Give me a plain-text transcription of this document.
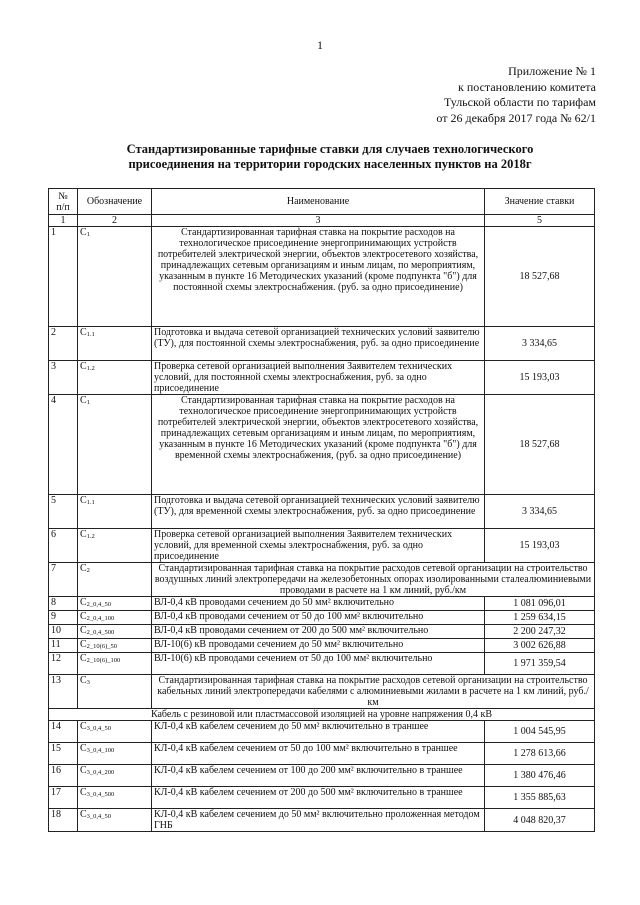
1
Приложение № 1
к постановлению комитета
Тульской области по тарифам
от 26 декабря 2017 года № 62/1
Стандартизированные тарифные ставки для случаев технологического
присоединения на территории городских населенных пунктов на 2018г
№
п/п	Обозначение	Наименование	Значение ставки
1	2	3	5
1	C1	Стандартизированная тарифная ставка на покрытие расходов на технологическое присоединение энергопринимающих устройств потребителей электрической энергии, объектов электросетевого хозяйства, принадлежащих сетевым организациям и иным лицам, по мероприятиям, указанным в пункте 16 Методических указаний (кроме подпункта "б") для постоянной схемы электроснабжения. (руб. за одно присоединение)	18 527,68
2	C1.1	Подготовка и выдача сетевой организацией технических условий заявителю (ТУ), для постоянной схемы электроснабжения, руб. за одно присоединение	3 334,65
3	C1.2	Проверка сетевой организацией выполнения Заявителем технических условий, для постоянной схемы электроснабжения, руб. за одно присоединение	15 193,03
4	C1	Стандартизированная тарифная ставка на покрытие расходов на технологическое присоединение энергопринимающих устройств потребителей электрической энергии, объектов электросетевого хозяйства, принадлежащих сетевым организациям и иным лицам, по мероприятиям, указанным в пункте 16 Методических указаний (кроме подпункта "б") для временной схемы электроснабжения, (руб. за одно присоединение)	18 527,68
5	C1.1	Подготовка и выдача сетевой организацией технических условий заявителю (ТУ), для временной схемы электроснабжения, руб. за одно присоединение	3 334,65
6	C1.2	Проверка сетевой организацией выполнения Заявителем технических условий, для временной схемы электроснабжения, руб. за одно присоединение	15 193,03
7	C2	Стандартизированная тарифная ставка на покрытие расходов сетевой организации на строительство воздушных линий электропередачи на железобетонных опорах изолированными сталеалюминиевыми проводами в расчете на 1 км линий, руб./км	
8	C2_0,4_50	ВЛ-0,4 кВ проводами сечением до 50 мм² включительно	1 081 096,01
9	C2_0,4_100	ВЛ-0,4 кВ проводами сечением от 50 до 100 мм² включительно	1 259 634,15
10	C2_0,4_500	ВЛ-0,4 кВ проводами сечением от 200 до 500 мм² включительно	2 200 247,32
11	C2_10(6)_50	ВЛ-10(6) кВ проводами сечением до 50 мм² включительно	3 002 626,88
12	C2_10(6)_100	ВЛ-10(6) кВ проводами сечением от 50 до 100 мм² включительно	1 971 359,54
13	C3	Стандартизированная тарифная ставка на покрытие расходов сетевой организации на строительство кабельных линий электропередачи кабелями с алюминиевыми жилами в расчете на 1 км линий, руб./км	
Кабель с резиновой или пластмассовой изоляцией на уровне напряжения 0,4 кВ			
14	C3_0,4_50	КЛ-0,4 кВ кабелем сечением до 50 мм² включительно в траншее	1 004 545,95
15	C3_0,4_100	КЛ-0,4 кВ кабелем сечением от 50 до 100 мм² включительно в траншее	1 278 613,66
16	C3_0,4_200	КЛ-0,4 кВ кабелем сечением от 100 до 200 мм² включительно в траншее	1 380 476,46
17	C3_0,4_500	КЛ-0,4 кВ кабелем сечением от 200 до 500 мм² включительно в траншее	1 355 885,63
18	C3_0,4_50	КЛ-0,4 кВ кабелем сечением до 50 мм² включительно проложенная методом ГНБ	4 048 820,37
